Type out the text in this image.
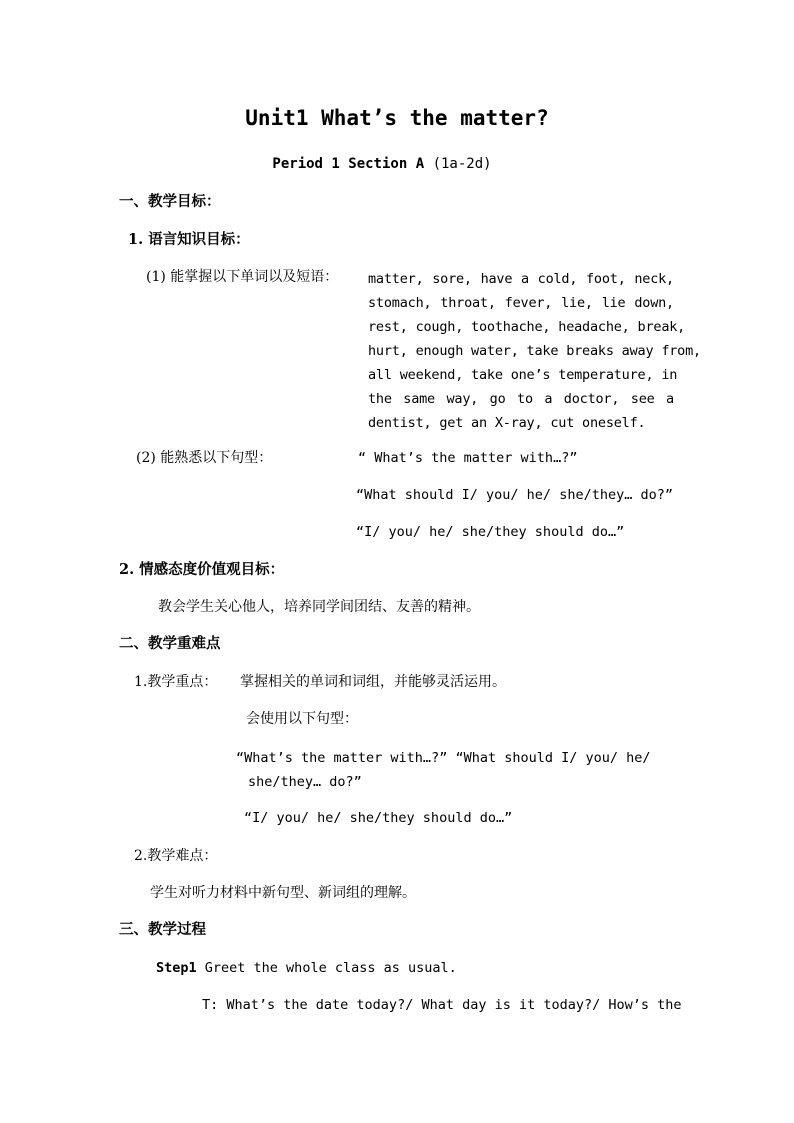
Unit1 What’s the matter?
Period 1 Section A (1a-2d)
一、教学目标：
1. 语言知识目标：
(1) 能掌握以下单词以及短语： matter, sore, have a cold, foot, neck,
stomach, throat, fever, lie, lie down,
rest, cough, toothache, headache, break,
hurt, enough water, take breaks away from,
all weekend, take one’s temperature, in
the same way, go to a doctor, see a
dentist, get an X-ray, cut oneself.
(2) 能熟悉以下句型：	“ What’s the matter with…?”
“What should I/ you/ he/ she/they… do?”
“I/ you/ he/ she/they should do…”
2. 情感态度价值观目标：
教会学生关心他人，培养同学间团结、友善的精神。
二、教学重难点
1.教学重点： 掌握相关的单词和词组，并能够灵活运用。
会使用以下句型：
“What’s the matter with…?” “What should I/ you/ he/
she/they… do?”
“I/ you/ he/ she/they should do…”
2.教学难点：
学生对听力材料中新句型、新词组的理解。
三、教学过程
Step1 Greet the whole class as usual.
T: What’s the date today?/ What day is it today?/ How’s the
